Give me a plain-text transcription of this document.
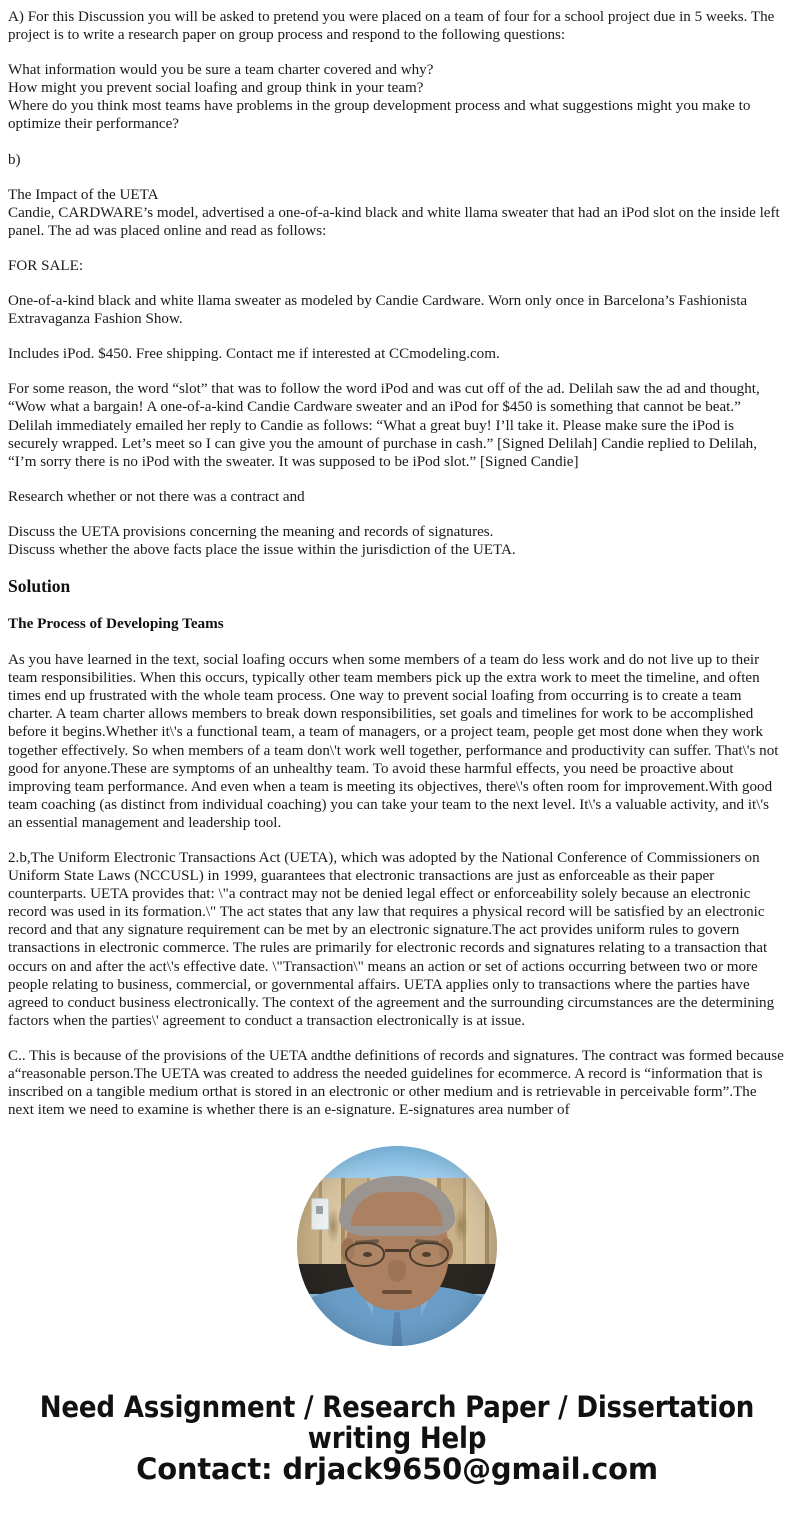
A) For this Discussion you will be asked to pretend you were placed on a team of four for a school project due in 5 weeks. The project is to write a research paper on group process and respond to the following questions:

What information would you be sure a team charter covered and why?
How might you prevent social loafing and group think in your team?
Where do you think most teams have problems in the group development process and what suggestions might you make to optimize their performance?

b)

The Impact of the UETA
Candie, CARDWARE’s model, advertised a one-of-a-kind black and white llama sweater that had an iPod slot on the inside left panel. The ad was placed online and read as follows:

FOR SALE:

One-of-a-kind black and white llama sweater as modeled by Candie Cardware. Worn only once in Barcelona’s Fashionista Extravaganza Fashion Show.

Includes iPod. $450. Free shipping. Contact me if interested at CCmodeling.com.

For some reason, the word “slot” that was to follow the word iPod and was cut off of the ad. Delilah saw the ad and thought, “Wow what a bargain! A one-of-a-kind Candie Cardware sweater and an iPod for $450 is something that cannot be beat.” Delilah immediately emailed her reply to Candie as follows: “What a great buy! I’ll take it. Please make sure the iPod is securely wrapped. Let’s meet so I can give you the amount of purchase in cash.” [Signed Delilah] Candie replied to Delilah, “I’m sorry there is no iPod with the sweater. It was supposed to be iPod slot.” [Signed Candie]

Research whether or not there was a contract and

Discuss the UETA provisions concerning the meaning and records of signatures.
Discuss whether the above facts place the issue within the jurisdiction of the UETA.
Solution
The Process of Developing Teams

As you have learned in the text, social loafing occurs when some members of a team do less work and do not live up to their team responsibilities. When this occurs, typically other team members pick up the extra work to meet the timeline, and often times end up frustrated with the whole team process. One way to prevent social loafing from occurring is to create a team charter. A team charter allows members to break down responsibilities, set goals and timelines for work to be accomplished before it begins.Whether it\'s a functional team, a team of managers, or a project team, people get most done when they work together effectively. So when members of a team don\'t work well together, performance and productivity can suffer. That\'s not good for anyone.These are symptoms of an unhealthy team. To avoid these harmful effects, you need be proactive about improving team performance. And even when a team is meeting its objectives, there\'s often room for improvement.With good team coaching (as distinct from individual coaching) you can take your team to the next level. It\'s a valuable activity, and it\'s an essential management and leadership tool.

2.b,The Uniform Electronic Transactions Act (UETA), which was adopted by the National Conference of Commissioners on Uniform State Laws (NCCUSL) in 1999, guarantees that electronic transactions are just as enforceable as their paper counterparts. UETA provides that: \"a contract may not be denied legal effect or enforceability solely because an electronic record was used in its formation.\" The act states that any law that requires a physical record will be satisfied by an electronic record and that any signature requirement can be met by an electronic signature.The act provides uniform rules to govern transactions in electronic commerce. The rules are primarily for electronic records and signatures relating to a transaction that occurs on and after the act\'s effective date. \"Transaction\" means an action or set of actions occurring between two or more people relating to business, commercial, or governmental affairs. UETA applies only to transactions where the parties have agreed to conduct business electronically. The context of the agreement and the surrounding circumstances are the determining factors when the parties\' agreement to conduct a transaction electronically is at issue.

C.. This is because of the provisions of the UETA andthe definitions of records and signatures. The contract was formed because a“reasonable person.The UETA was created to address the needed guidelines for ecommerce. A record is “information that is inscribed on a tangible medium orthat is stored in an electronic or other medium and is retrievable in perceivable form”.The next item we need to examine is whether there is an e-signature. E-signatures area number of

Need Assignment / Research Paper / Dissertation writing Help
Contact: drjack9650@gmail.com
